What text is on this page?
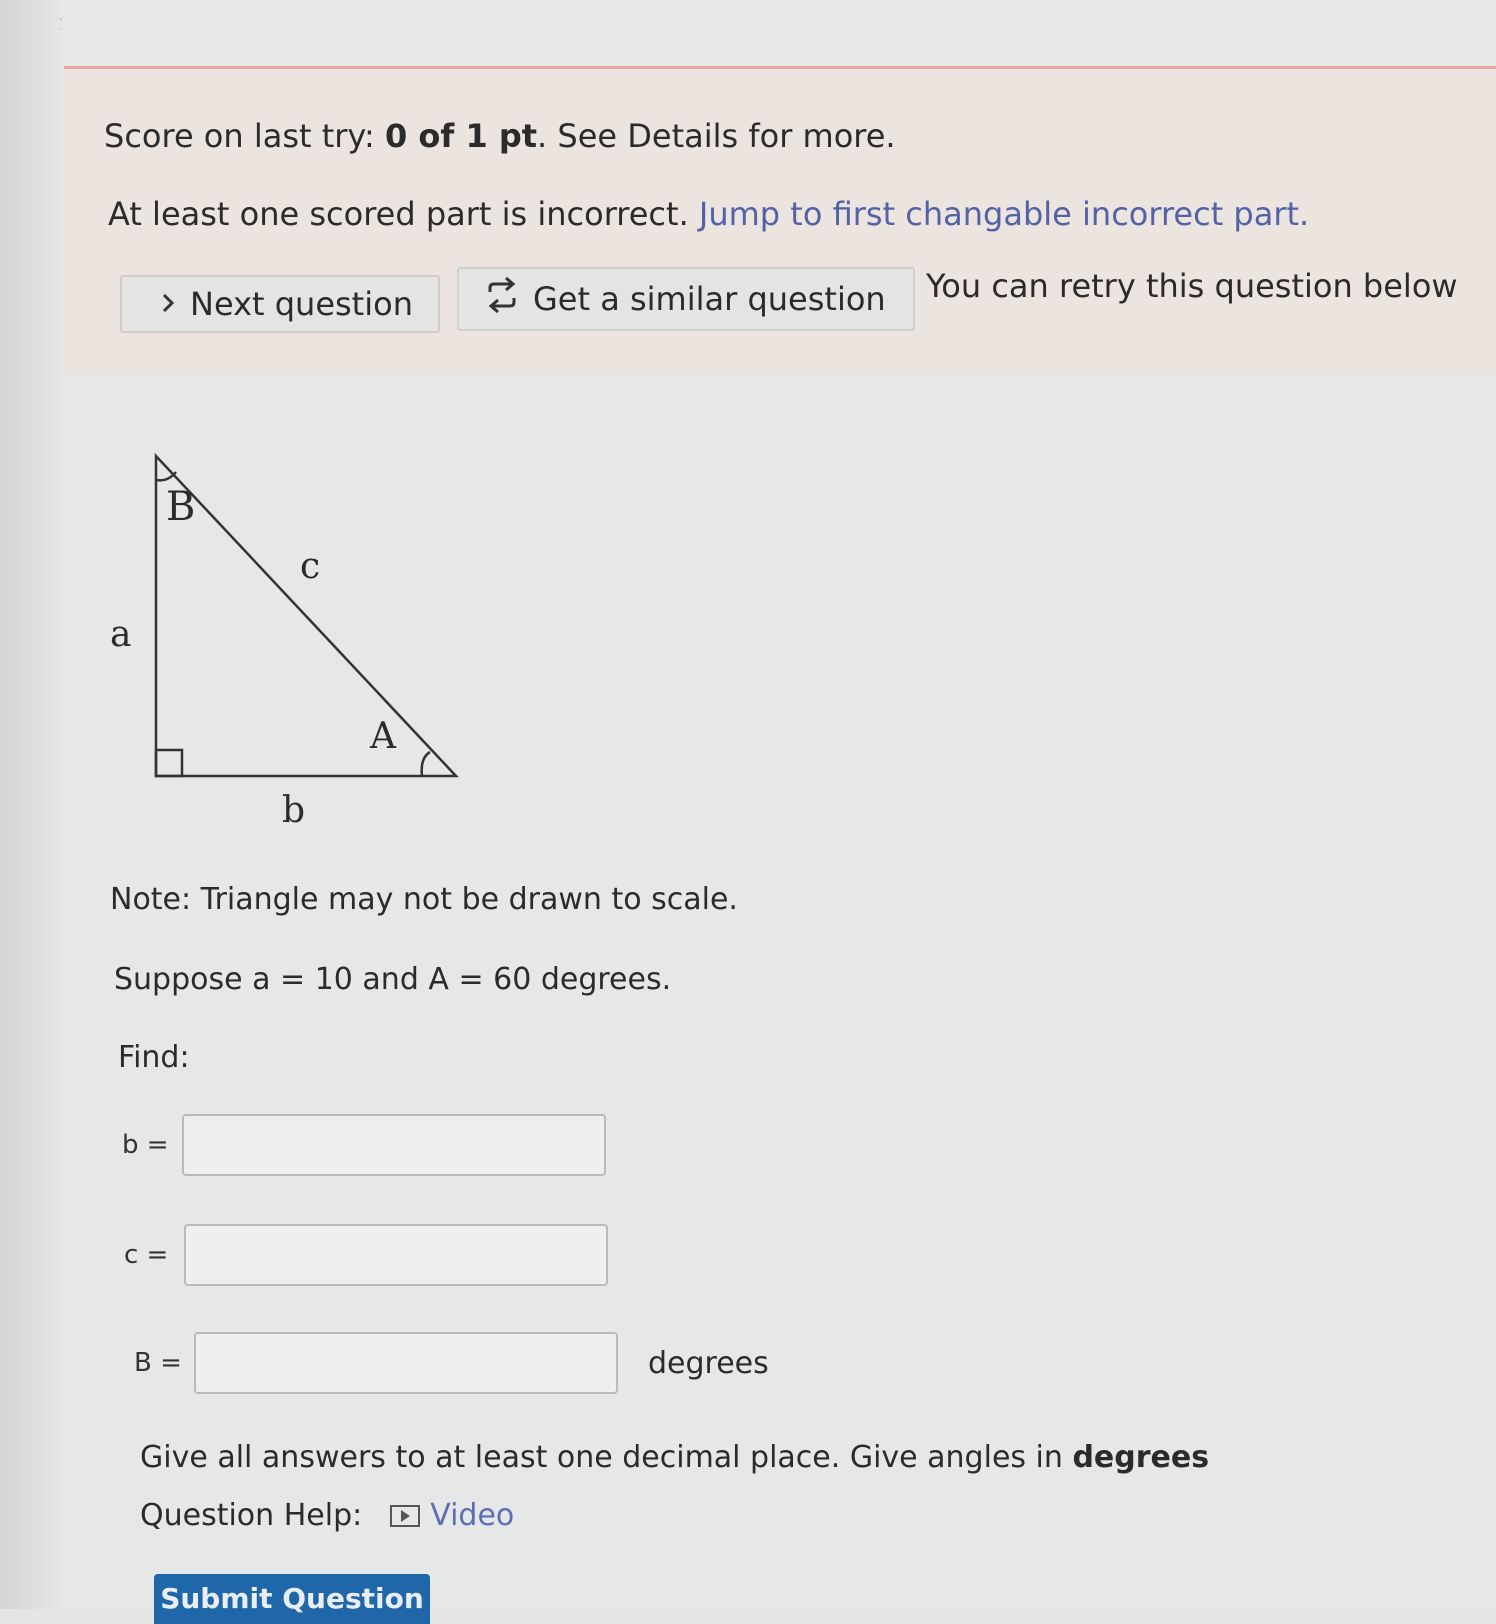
Score on last try: 0 of 1 pt. See Details for more.
At least one scored part is incorrect. Jump to first changable incorrect part.
Next question	Get a similar question You can retry this question below
B
c
a
A
b
Note: Triangle may not be drawn to scale.
Suppose a = 10 and A = 60 degrees.
Find:
b =
c =
B =	degrees
Give all answers to at least one decimal place. Give angles in degrees
Question Help: Video
Submit Question
